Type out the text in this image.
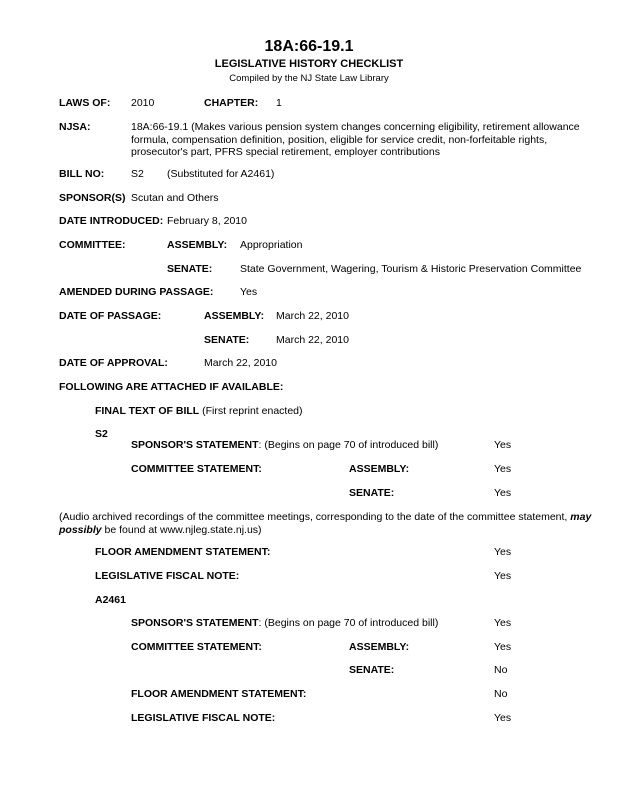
18A:66-19.1
LEGISLATIVE HISTORY CHECKLIST
Compiled by the NJ State Law Library
LAWS OF: 2010	CHAPTER: 1
NJSA:	18A:66-19.1 (Makes various pension system changes concerning eligibility, retirement allowance formula, compensation definition, position, eligible for service credit, non-forfeitable rights, prosecutor's part, PFRS special retirement, employer contributions
BILL NO:	S2 (Substituted for A2461)
SPONSOR(S) Scutan and Others
DATE INTRODUCED: February 8, 2010
COMMITTEE:	ASSEMBLY: Appropriation
SENATE:	State Government, Wagering, Tourism & Historic Preservation Committee
AMENDED DURING PASSAGE:	Yes
DATE OF PASSAGE:	ASSEMBLY: March 22, 2010
SENATE:	March 22, 2010
DATE OF APPROVAL:	March 22, 2010
FOLLOWING ARE ATTACHED IF AVAILABLE:
FINAL TEXT OF BILL (First reprint enacted)
S2
SPONSOR'S STATEMENT: (Begins on page 70 of introduced bill)	Yes
COMMITTEE STATEMENT:	ASSEMBLY:	Yes
SENATE:	Yes
(Audio archived recordings of the committee meetings, corresponding to the date of the committee statement, may possibly be found at www.njleg.state.nj.us)
FLOOR AMENDMENT STATEMENT:	Yes
LEGISLATIVE FISCAL NOTE:	Yes
A2461
SPONSOR'S STATEMENT: (Begins on page 70 of introduced bill)	Yes
COMMITTEE STATEMENT:	ASSEMBLY:	Yes
SENATE:	No
FLOOR AMENDMENT STATEMENT:	No
LEGISLATIVE FISCAL NOTE:	Yes
